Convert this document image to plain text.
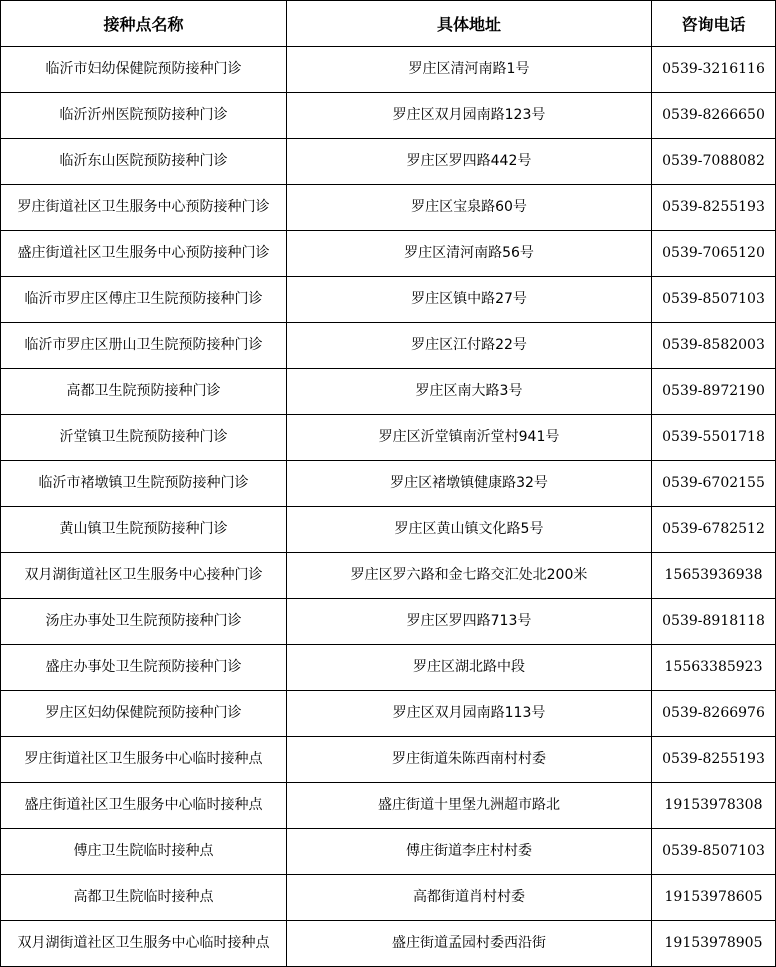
接种点名称	具体地址	咨询电话
临沂市妇幼保健院预防接种门诊	罗庄区清河南路1号	0539-3216116
临沂沂州医院预防接种门诊	罗庄区双月园南路123号	0539-8266650
临沂东山医院预防接种门诊	罗庄区罗四路442号	0539-7088082
罗庄街道社区卫生服务中心预防接种门诊	罗庄区宝泉路60号	0539-8255193
盛庄街道社区卫生服务中心预防接种门诊	罗庄区清河南路56号	0539-7065120
临沂市罗庄区傅庄卫生院预防接种门诊	罗庄区镇中路27号	0539-8507103
临沂市罗庄区册山卫生院预防接种门诊	罗庄区江付路22号	0539-8582003
高都卫生院预防接种门诊	罗庄区南大路3号	0539-8972190
沂堂镇卫生院预防接种门诊	罗庄区沂堂镇南沂堂村941号	0539-5501718
临沂市褚墩镇卫生院预防接种门诊	罗庄区褚墩镇健康路32号	0539-6702155
黄山镇卫生院预防接种门诊	罗庄区黄山镇文化路5号	0539-6782512
双月湖街道社区卫生服务中心接种门诊	罗庄区罗六路和金七路交汇处北200米	15653936938
汤庄办事处卫生院预防接种门诊	罗庄区罗四路713号	0539-8918118
盛庄办事处卫生院预防接种门诊	罗庄区湖北路中段	15563385923
罗庄区妇幼保健院预防接种门诊	罗庄区双月园南路113号	0539-8266976
罗庄街道社区卫生服务中心临时接种点	罗庄街道朱陈西南村村委	0539-8255193
盛庄街道社区卫生服务中心临时接种点	盛庄街道十里堡九洲超市路北	19153978308
傅庄卫生院临时接种点	傅庄街道李庄村村委	0539-8507103
高都卫生院临时接种点	高都街道肖村村委	19153978605
双月湖街道社区卫生服务中心临时接种点	盛庄街道孟园村委西沿街	19153978905
